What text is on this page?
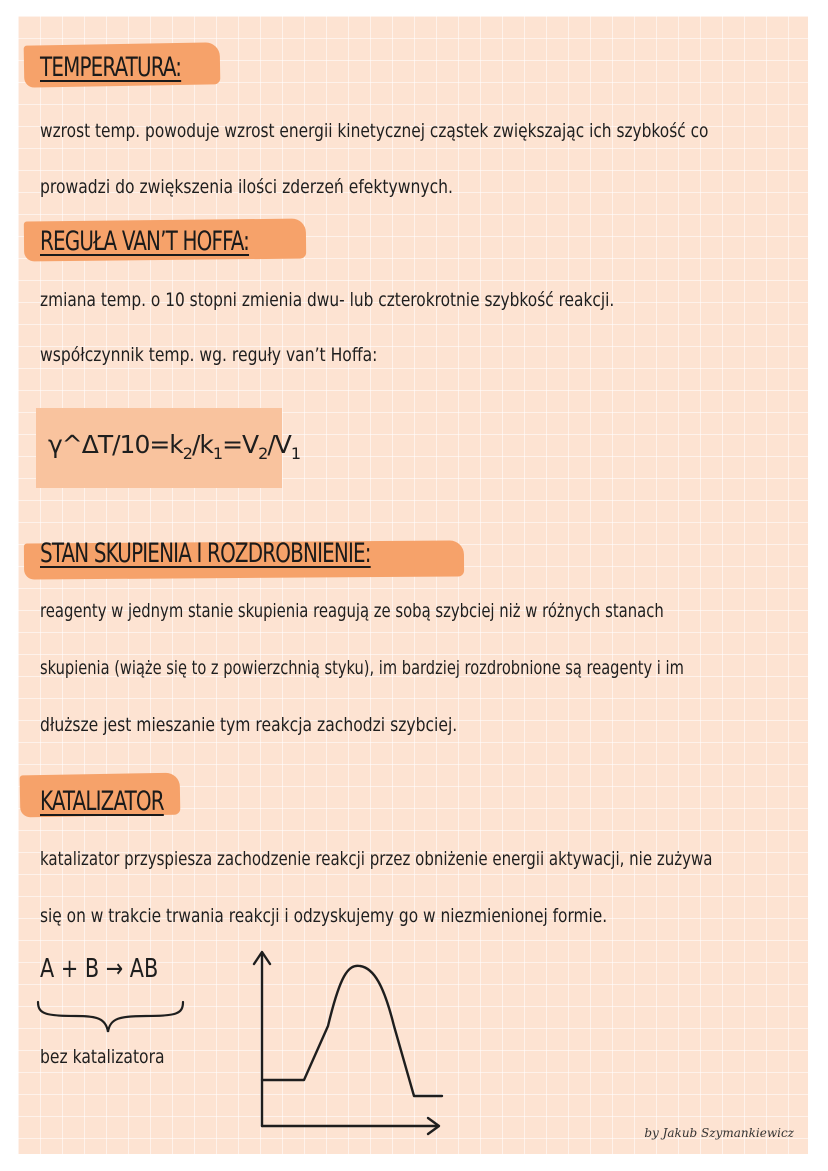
TEMPERATURA:
wzrost temp. powoduje wzrost energii kinetycznej cząstek zwiększając ich szybkość co
prowadzi do zwiększenia ilości zderzeń efektywnych.
REGUŁA VAN’T HOFFA:
zmiana temp. o 10 stopni zmienia dwu- lub czterokrotnie szybkość reakcji.
współczynnik temp. wg. reguły van’t Hoffa:
$\gamma\^{}\Delta T/10=k_2/k_1=V_2/V_1$
STAN SKUPIENIA I ROZDROBNIENIE:
reagenty w jednym stanie skupienia reagują ze sobą szybciej niż w różnych stanach
skupienia (wiąże się to z powierzchnią styku), im bardziej rozdrobnione są reagenty i im
dłuższe jest mieszanie tym reakcja zachodzi szybciej.
KATALIZATOR
katalizator przyspiesza zachodzenie reakcji przez obniżenie energii aktywacji, nie zużywa
się on w trakcie trwania reakcji i odzyskujemy go w niezmienionej formie.
A + B → AB
bez katalizatora
by Jakub Szymankiewicz
